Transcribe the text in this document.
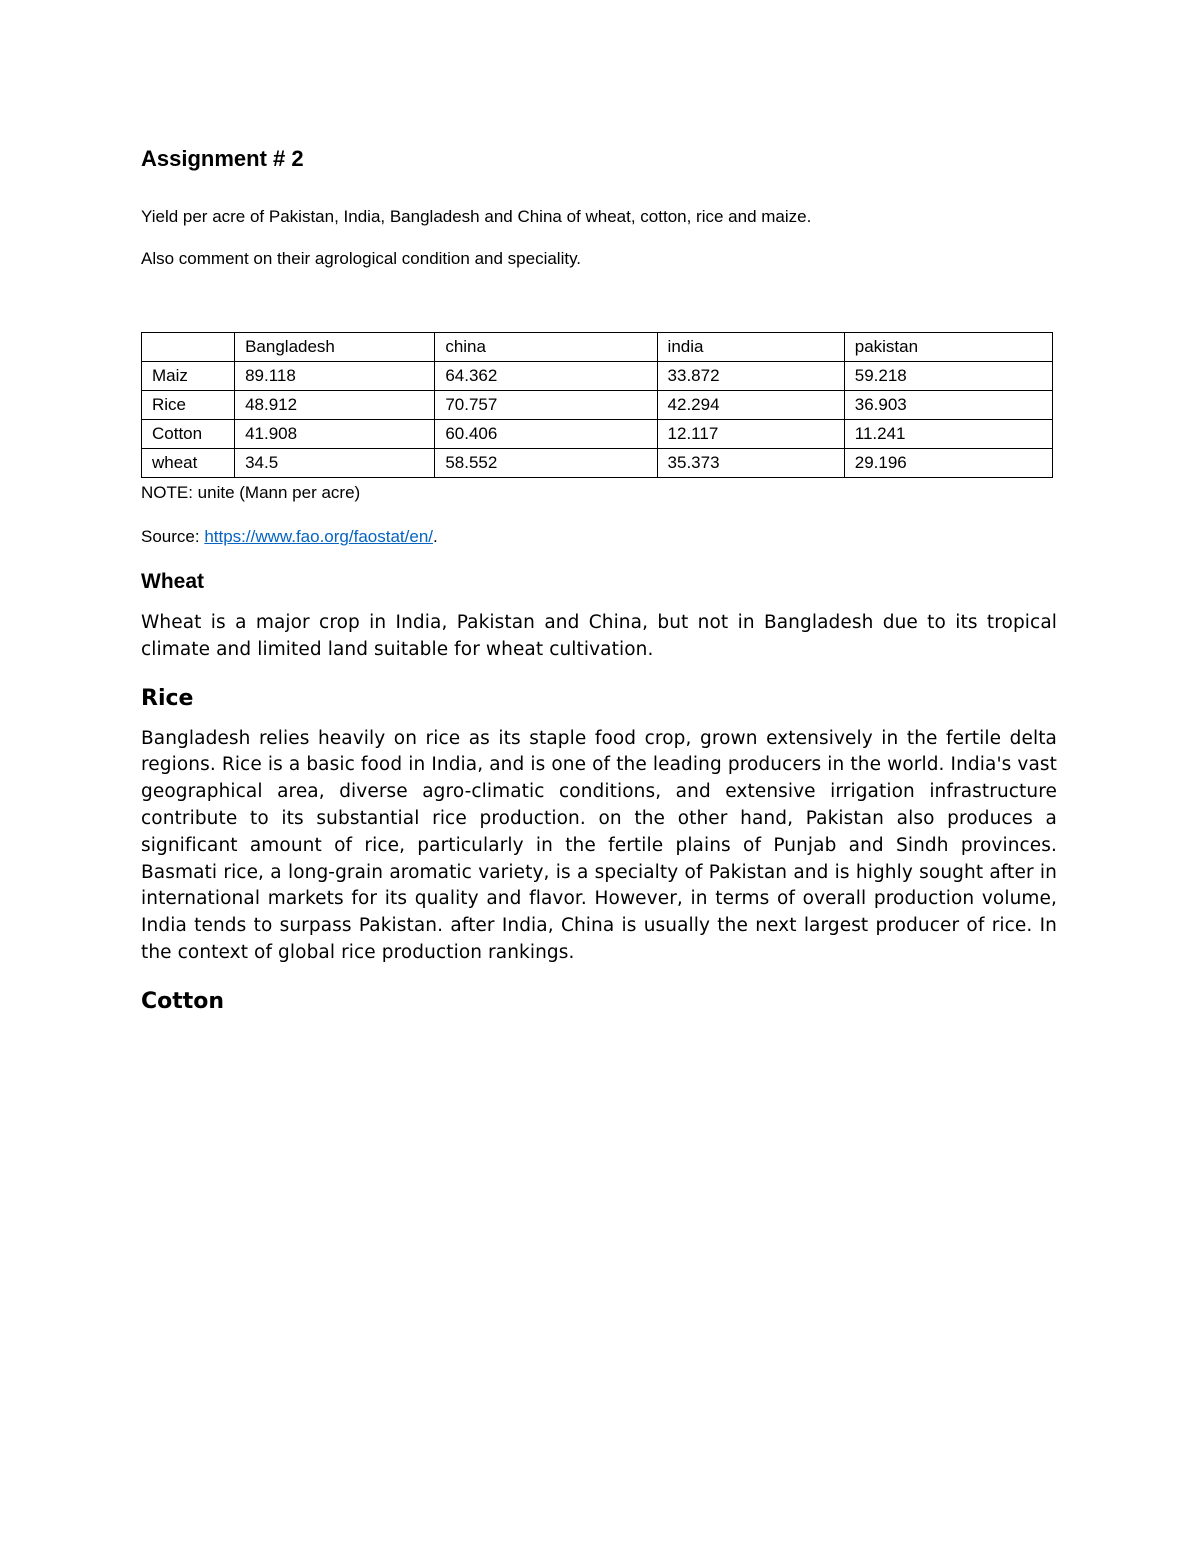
Assignment # 2

Yield per acre of Pakistan, India, Bangladesh and China of wheat, cotton, rice and maize.

Also comment on their agrological condition and speciality.

	Bangladesh	china	india	pakistan
Maiz	89.118	64.362	33.872	59.218
Rice	48.912	70.757	42.294	36.903
Cotton	41.908	60.406	12.117	11.241
wheat	34.5	58.552	35.373	29.196

NOTE: unite (Mann per acre)

Source: https://www.fao.org/faostat/en/.

Wheat

Wheat is a major crop in India, Pakistan and China, but not in Bangladesh due to its tropical climate and limited land suitable for wheat cultivation.

Rice

Bangladesh relies heavily on rice as its staple food crop, grown extensively in the fertile delta regions. Rice is a basic food in India, and is one of the leading producers in the world. India's vast geographical area, diverse agro-climatic conditions, and extensive irrigation infrastructure contribute to its substantial rice production. on the other hand, Pakistan also produces a significant amount of rice, particularly in the fertile plains of Punjab and Sindh provinces. Basmati rice, a long-grain aromatic variety, is a specialty of Pakistan and is highly sought after in international markets for its quality and flavor. However, in terms of overall production volume, India tends to surpass Pakistan. after India, China is usually the next largest producer of rice. In the context of global rice production rankings.

Cotton
